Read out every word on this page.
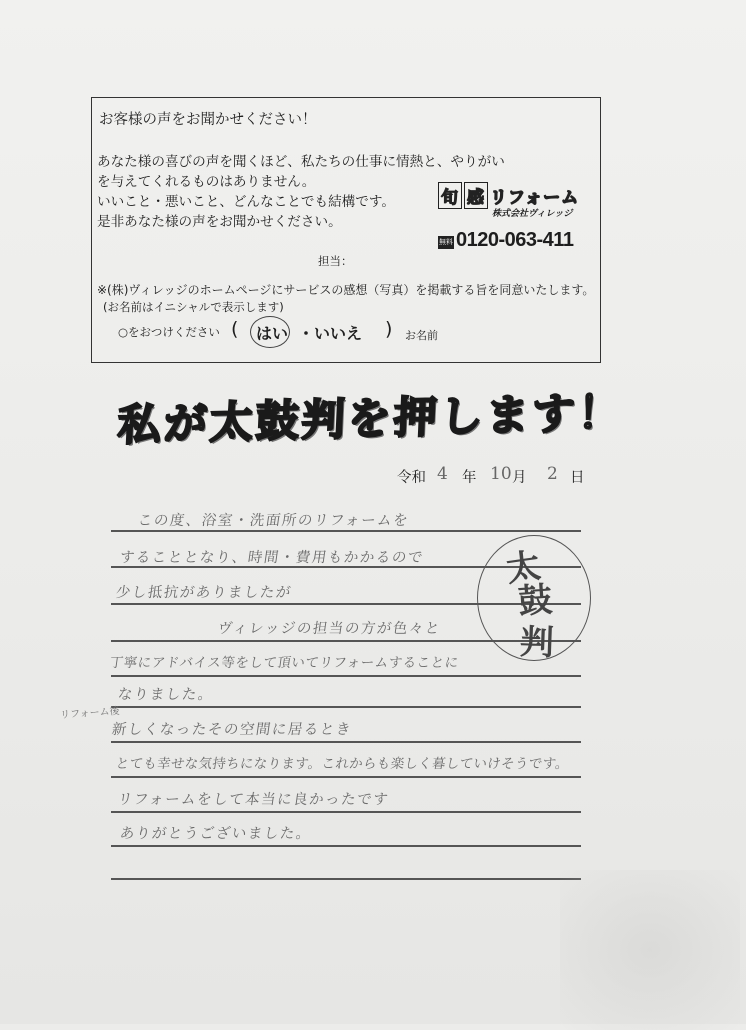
お客様の声をお聞かせください！
あなた様の喜びの声を聞くほど、私たちの仕事に情熱と、やりがい
を与えてくれるものはありません。
いいこと・悪いこと、どんなことでも結構です。
是非あなた様の声をお聞かせください。
旬 感 リフォーム
株式会社ヴィレッジ
無料 0120-063-411
担当：
※(株)ヴィレッジのホームページにサービスの感想（写真）を掲載する旨を同意いたします。
(お名前はイニシャルで表示します)
○をおつけください ( はい ・ いいえ ) お名前
私が太鼓判を押します！
令和 4 年 10 月 2 日
この度、浴室・洗面所のリフォームを
することとなり、時間・費用もかかるので
少し抵抗がありましたが
ヴィレッジの担当の方が色々と
丁寧にアドバイス等をして頂いてリフォームすることに
なりました。
リフォーム後
新しくなったその空間に居るとき
とても幸せな気持ちになります。これからも楽しく暮していけそうです。
リフォームをして本当に良かったです
ありがとうございました。
太
鼓
判
